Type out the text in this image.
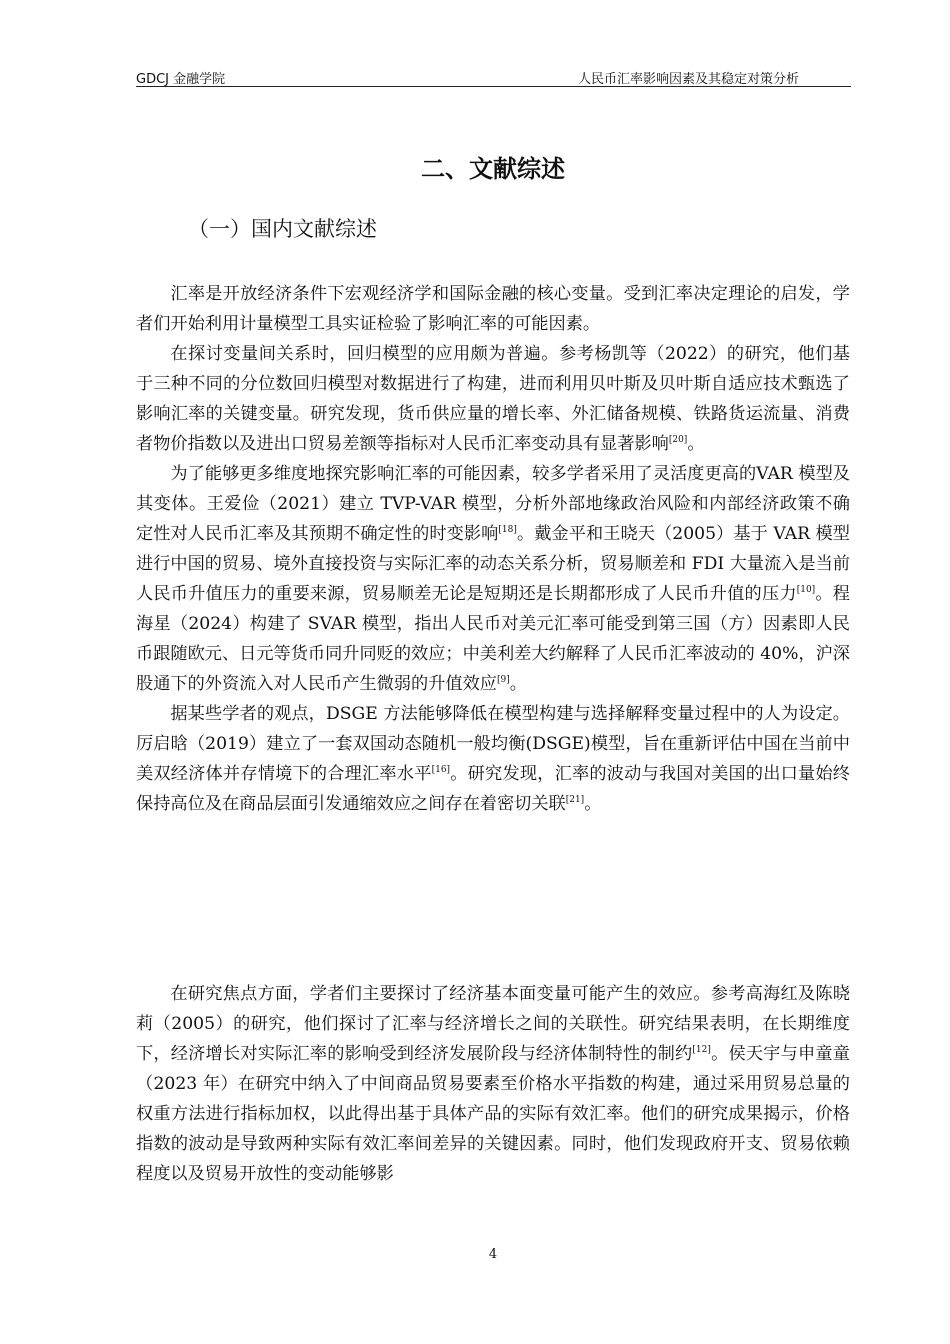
GDCJ 金融学院	人民币汇率影响因素及其稳定对策分析
二、文献综述
（一）国内文献综述

汇率是开放经济条件下宏观经济学和国际金融的核心变量。受到汇率决定理论的启发，学者们开始利用计量模型工具实证检验了影响汇率的可能因素。

在探讨变量间关系时，回归模型的应用颇为普遍。参考杨凯等（2022）的研究，他们基于三种不同的分位数回归模型对数据进行了构建，进而利用贝叶斯及贝叶斯自适应技术甄选了影响汇率的关键变量。研究发现，货币供应量的增长率、外汇储备规模、铁路货运流量、消费者物价指数以及进出口贸易差额等指标对人民币汇率变动具有显著影响[20]。

为了能够更多维度地探究影响汇率的可能因素，较多学者采用了灵活度更高的VAR 模型及其变体。王爱俭（2021）建立 TVP-VAR 模型，分析外部地缘政治风险和内部经济政策不确定性对人民币汇率及其预期不确定性的时变影响[18]。戴金平和王晓天（2005）基于 VAR 模型进行中国的贸易、境外直接投资与实际汇率的动态关系分析，贸易顺差和 FDI 大量流入是当前人民币升值压力的重要来源，贸易顺差无论是短期还是长期都形成了人民币升值的压力[10]。程海星（2024）构建了 SVAR 模型，指出人民币对美元汇率可能受到第三国（方）因素即人民币跟随欧元、日元等货币同升同贬的效应；中美利差大约解释了人民币汇率波动的 40%，沪深股通下的外资流入对人民币产生微弱的升值效应[9]。

据某些学者的观点，DSGE 方法能够降低在模型构建与选择解释变量过程中的人为设定。厉启晗（2019）建立了一套双国动态随机一般均衡(DSGE)模型，旨在重新评估中国在当前中美双经济体并存情境下的合理汇率水平[16]。研究发现，汇率的波动与我国对美国的出口量始终保持高位及在商品层面引发通缩效应之间存在着密切关联[21]。

在研究焦点方面，学者们主要探讨了经济基本面变量可能产生的效应。参考高海红及陈晓莉（2005）的研究，他们探讨了汇率与经济增长之间的关联性。研究结果表明，在长期维度下，经济增长对实际汇率的影响受到经济发展阶段与经济体制特性的制约[12]。侯天宇与申童童（2023 年）在研究中纳入了中间商品贸易要素至价格水平指数的构建，通过采用贸易总量的权重方法进行指标加权，以此得出基于具体产品的实际有效汇率。他们的研究成果揭示，价格指数的波动是导致两种实际有效汇率间差异的关键因素。同时，他们发现政府开支、贸易依赖程度以及贸易开放性的变动能够影

4
